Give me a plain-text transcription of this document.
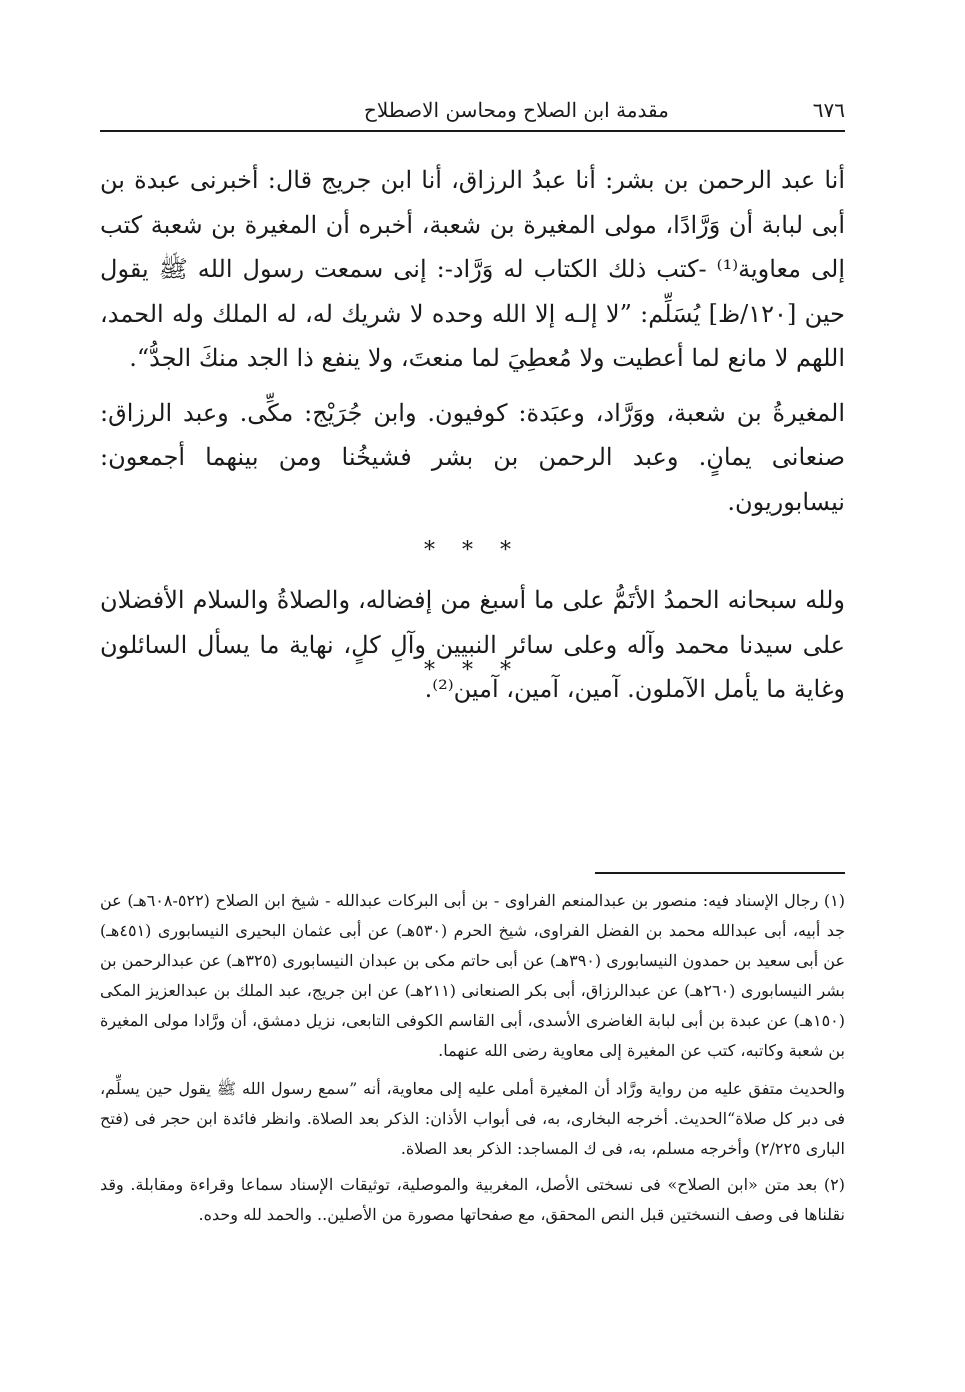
٦٧٦
مقدمة ابن الصلاح ومحاسن الاصطلاح

أنا عبد الرحمن بن بشر: أنا عبدُ الرزاق، أنا ابن جريج قال: أخبرنى عبدة بن أبى لبابة أن وَرَّادًا، مولى المغيرة بن شعبة، أخبره أن المغيرة بن شعبة كتب إلى معاوية⁽¹⁾ -كتب ذلك الكتاب له وَرَّاد-: إنى سمعت رسول الله ﷺ يقول حين [١٢٠/ظ] يُسَلِّم: ”لا إلـه إلا الله وحده لا شريك له، له الملك وله الحمد، اللهم لا مانع لما أعطيت ولا مُعطِيَ لما منعتَ، ولا ينفع ذا الجد منكَ الجدُّ“.

المغيرةُ بن شعبة، ووَرَّاد، وعبَدة: كوفيون. وابن جُرَيْج: مكِّى. وعبد الرزاق: صنعانى يمانٍ. وعبد الرحمن بن بشر فشيخُنا ومن بينهما أجمعون: نيسابوريون.

* * *

ولله سبحانه الحمدُ الأتَمُّ على ما أسبغ من إفضاله، والصلاةُ والسلام الأفضلان على سيدنا محمد وآله وعلى سائر النبيين وآلِ كلٍ، نهاية ما يسأل السائلون وغاية ما يأمل الآملون. آمين، آمين، آمين⁽²⁾.

* * *

(١) رجال الإسناد فيه: منصور بن عبدالمنعم الفراوى - بن أبى البركات عبدالله - شيخ ابن الصلاح (٥٢٢-٦٠٨هـ) عن جد أبيه، أبى عبدالله محمد بن الفضل الفراوى، شيخ الحرم (٥٣٠هـ) عن أبى عثمان البحيرى النيسابورى (٤٥١هـ) عن أبى سعيد بن حمدون النيسابورى (٣٩٠هـ) عن أبى حاتم مكى بن عبدان النيسابورى (٣٢٥هـ) عن عبدالرحمن بن بشر النيسابورى (٢٦٠هـ) عن عبدالرزاق، أبى بكر الصنعانى (٢١١هـ) عن ابن جريج، عبد الملك بن عبدالعزيز المكى (١٥٠هـ) عن عبدة بن أبى لبابة الغاضرى الأسدى، أبى القاسم الكوفى التابعى، نزيل دمشق، أن ورَّادا مولى المغيرة بن شعبة وكاتبه، كتب عن المغيرة إلى معاوية رضى الله عنهما.

والحديث متفق عليه من رواية ورَّاد أن المغيرة أملى عليه إلى معاوية، أنه ”سمع رسول الله ﷺ يقول حين يسلِّم، فى دبر كل صلاة“الحديث. أخرجه البخارى، به، فى أبواب الأذان: الذكر بعد الصلاة. وانظر فائدة ابن حجر فى (فتح البارى ٢/٢٢٥) وأخرجه مسلم، به، فى ك المساجد: الذكر بعد الصلاة.

(٢) بعد متن «ابن الصلاح» فى نسختى الأصل، المغربية والموصلية، توثيقات الإسناد سماعا وقراءة ومقابلة. وقد نقلناها فى وصف النسختين قبل النص المحقق، مع صفحاتها مصورة من الأصلين.. والحمد لله وحده.
